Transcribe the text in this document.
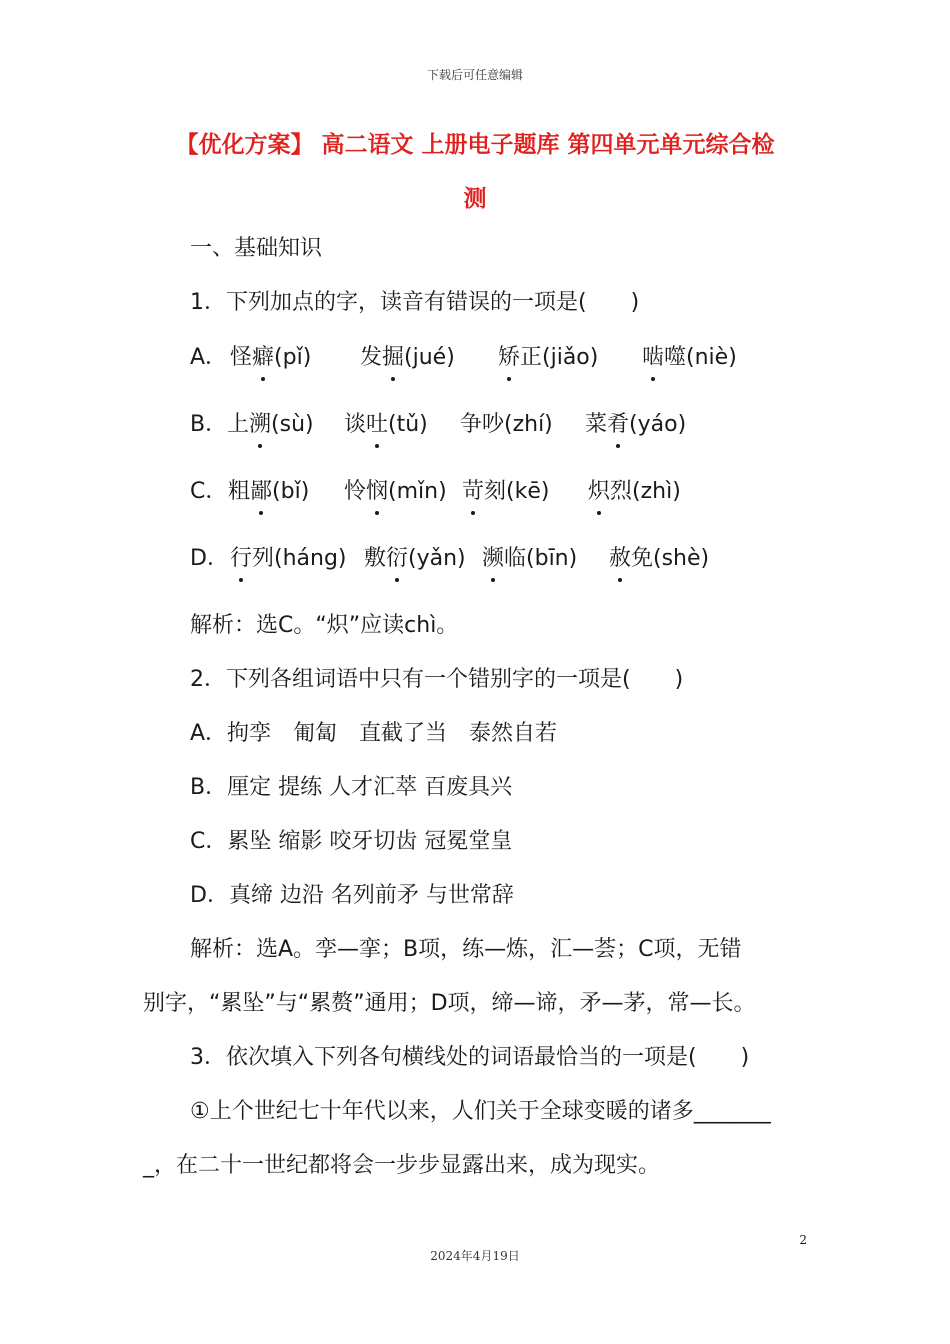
下载后可任意编辑
【优化方案】 高二语文 上册电子题库 第四单元单元综合检
测
一、基础知识
1．下列加点的字，读音有错误的一项是(　　)
A． 怪癖(pǐ) 发掘(jué) 矫正(jiǎo) 啮噬(niè)
B． 上溯(sù) 谈吐(tǔ) 争吵(zhí) 菜肴(yáo)
C． 粗鄙(bǐ) 怜悯(mǐn) 苛刻(kē) 炽烈(zhì)
D． 行列(háng) 敷衍(yǎn) 濒临(bīn) 赦免(shè)
解析：选C。“炽”应读chì。
2．下列各组词语中只有一个错别字的一项是(　　)
A．拘孪　匍匐　直截了当　泰然自若
B．厘定 提练 人才汇萃 百废具兴
C．累坠 缩影 咬牙切齿 冠冕堂皇
D．真缔 边沿 名列前矛 与世常辞
解析：选A。孪—挛；B项，练—炼，汇—荟；C项，无错
别字，“累坠”与“累赘”通用；D项，缔—谛，矛—茅，常—长。
3．依次填入下列各句横线处的词语最恰当的一项是(　　)
①上个世纪七十年代以来，人们关于全球变暖的诸多_______
_，在二十一世纪都将会一步步显露出来，成为现实。
2
2024年4月19日
